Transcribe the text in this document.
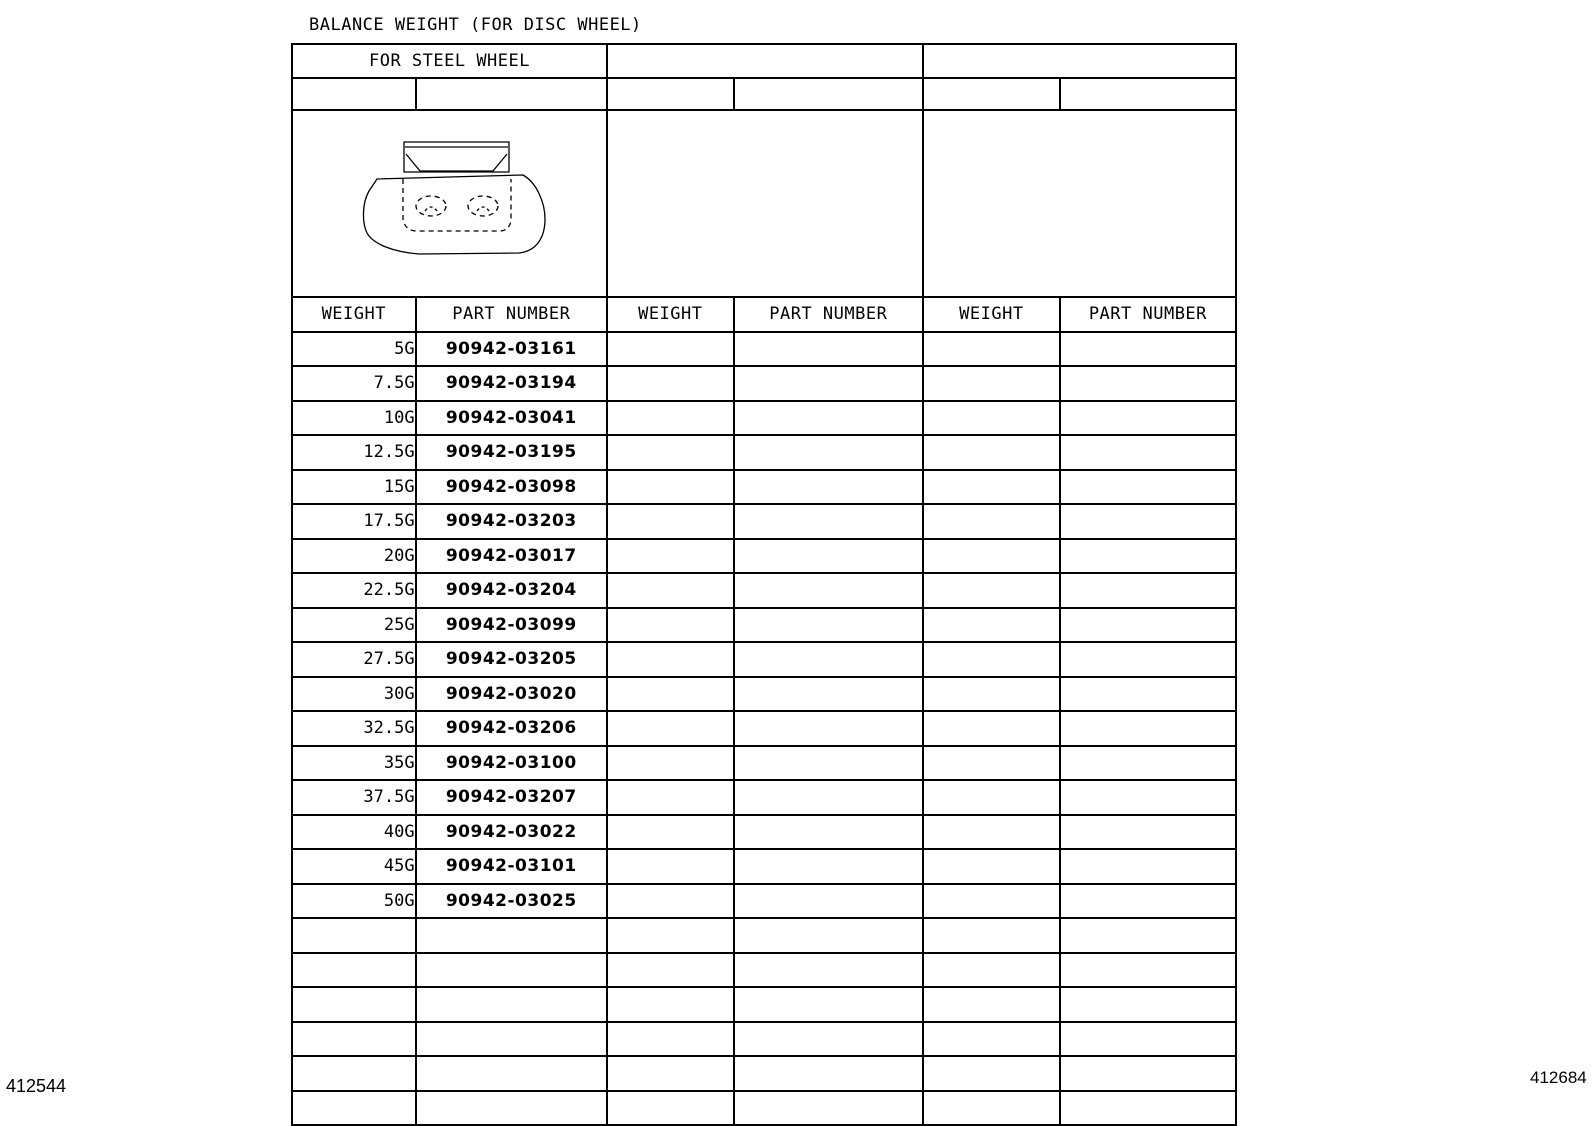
BALANCE WEIGHT (FOR DISC WHEEL)
FOR STEEL WHEEL					

WEIGHT	PART NUMBER	WEIGHT	PART NUMBER	WEIGHT	PART NUMBER
5G	90942-03161				
7.5G	90942-03194				
10G	90942-03041				
12.5G	90942-03195				
15G	90942-03098				
17.5G	90942-03203				
20G	90942-03017				
22.5G	90942-03204				
25G	90942-03099				
27.5G	90942-03205				
30G	90942-03020				
32.5G	90942-03206				
35G	90942-03100				
37.5G	90942-03207				
40G	90942-03022				
45G	90942-03101				
50G	90942-03025				

412544	412684
